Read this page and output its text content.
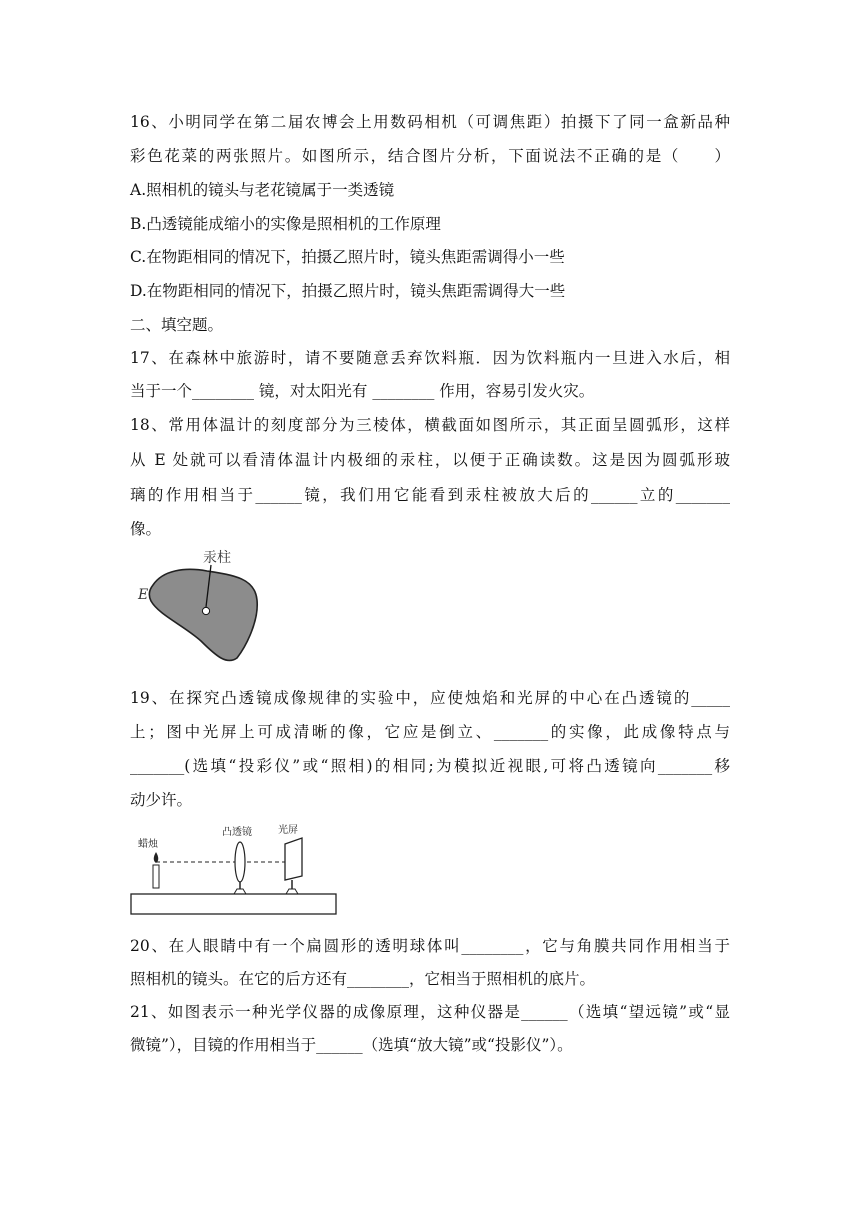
16、小明同学在第二届农博会上用数码相机（可调焦距）拍摄下了同一盒新品种
彩色花菜的两张照片。如图所示，结合图片分析，下面说法不正确的是（　　）
A.照相机的镜头与老花镜属于一类透镜
B.凸透镜能成缩小的实像是照相机的工作原理
C.在物距相同的情况下，拍摄乙照片时，镜头焦距需调得小一些
D.在物距相同的情况下，拍摄乙照片时，镜头焦距需调得大一些
二、填空题。
17、在森林中旅游时，请不要随意丢弃饮料瓶．因为饮料瓶内一旦进入水后，相
当于一个________ 镜，对太阳光有 ________ 作用，容易引发火灾。
18、常用体温计的刻度部分为三棱体，横截面如图所示，其正面呈圆弧形，这样
从 E 处就可以看清体温计内极细的汞柱，以便于正确读数。这是因为圆弧形玻
璃的作用相当于______镜，我们用它能看到汞柱被放大后的______立的_______
像。
汞柱
E
19、在探究凸透镜成像规律的实验中，应使烛焰和光屏的中心在凸透镜的_____
上；图中光屏上可成清晰的像，它应是倒立、_______的实像，此成像特点与
_______(选填“投彩仪”或“照相)的相同;为模拟近视眼,可将凸透镜向_______移
动少许。
蜡烛
凸透镜	光屏
20、在人眼睛中有一个扁圆形的透明球体叫________，它与角膜共同作用相当于
照相机的镜头。在它的后方还有________，它相当于照相机的底片。
21、如图表示一种光学仪器的成像原理，这种仪器是______（选填“望远镜”或“显
微镜”），目镜的作用相当于______（选填“放大镜”或“投影仪”）。
